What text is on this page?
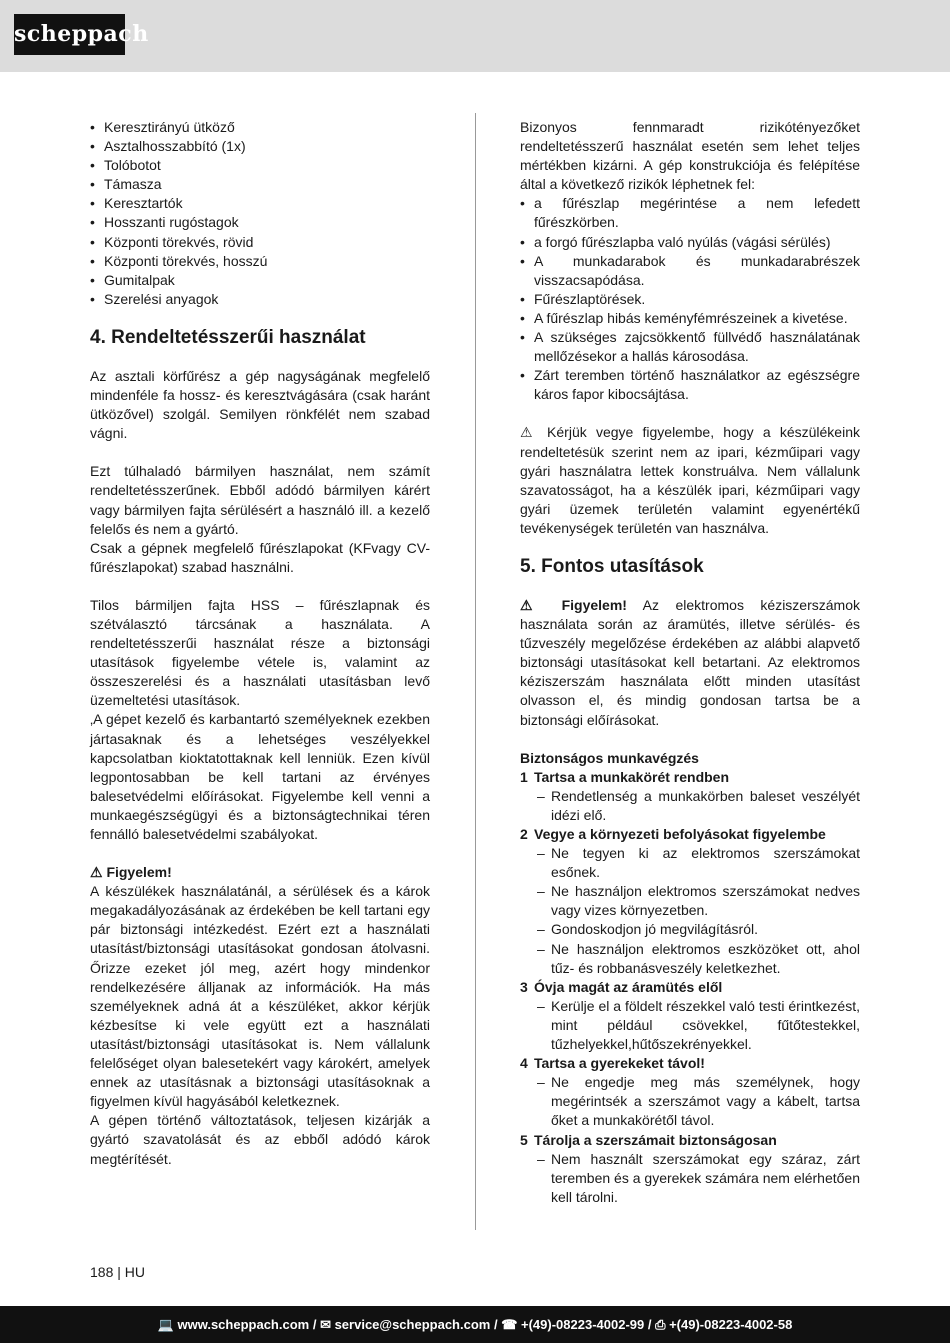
scheppach

• Keresztirányú ütköző

• Asztalhosszabbító (1x)

• Tolóbotot

• Támasza

• Keresztartók

• Hosszanti rugóstagok

• Központi törekvés, rövid

• Központi törekvés, hosszú

• Gumitalpak

• Szerelési anyagok

4. Rendeltetésszerűi használat

Az asztali körfűrész a gép nagyságának megfelelő mindenféle fa hossz- és keresztvágására (csak haránt ütközővel) szolgál. Semilyen rönkfélét nem szabad vágni.

Ezt túlhaladó bármilyen használat, nem számít rendeltetésszerűnek. Ebből adódó bármilyen kárért vagy bármilyen fajta sérülésért a használó ill. a kezelő felelős és nem a gyártó.

Csak a gépnek megfelelő fűrészlapokat (KFvagy CV-fűrészlapokat) szabad használni.

Tilos bármiljen fajta HSS – fűrészlapnak és szétválasztó tárcsának a használata. A rendeltetésszerűi használat része a biztonsági utasítások figyelembe vétele is, valamint az összeszerelési és a használati utasításban levő üzemeltetési utasítások.

‚A gépet kezelő és karbantartó személyeknek ezekben jártasaknak és a lehetséges veszélyekkel kapcsolatban kioktatottaknak kell lenniük. Ezen kívül legpontosabban be kell tartani az érvényes balesetvédelmi előírásokat. Figyelembe kell venni a munkaegészségügyi és a biztonságtechnikai téren fennálló balesetvédelmi szabályokat.

⚠ Figyelem!

A készülékek használatánál, a sérülések és a károk megakadályozásának az érdekében be kell tartani egy pár biztonsági intézkedést. Ezért ezt a használati utasítást/biztonsági utasításokat gondosan átolvasni. Őrizze ezeket jól meg, azért hogy mindenkor rendelkezésére álljanak az információk. Ha más személyeknek adná át a készüléket, akkor kérjük kézbesítse ki vele együtt ezt a használati utasítást/biztonsági utasításokat is. Nem vállalunk felelőséget olyan balesetekért vagy károkért, amelyek ennek az utasításnak a biztonsági utasításoknak a figyelmen kívül hagyásából keletkeznek.

A gépen történő változtatások, teljesen kizárják a gyártó szavatolását és az ebből adódó károk megtérítését.

Bizonyos fennmaradt rizikótényezőket rendeltetésszerű használat esetén sem lehet teljes mértékben kizárni. A gép konstrukciója és felépítése által a következő rizikók léphetnek fel:

• a fűrészlap megérintése a nem lefedett fűrészkörben.

• a forgó fűrészlapba való nyúlás (vágási sérülés)

• A munkadarabok és munkadarabrészek visszacsapódása.

• Fűrészlaptörések.

• A fűrészlap hibás keményfémrészeinek a kivetése.

• A szükséges zajcsökkentő füllvédő használatának mellőzésekor a hallás károsodása.

• Zárt teremben történő használatkor az egészségre káros fapor kibocsájtása.

⚠ Kérjük vegye figyelembe, hogy a készülékeink rendeltetésük szerint nem az ipari, kézműipari vagy gyári használatra lettek konstruálva. Nem vállalunk szavatosságot, ha a készülék ipari, kézműipari vagy gyári üzemek területén valamint egyenértékű tevékenységek területén van használva.

5. Fontos utasítások

⚠ Figyelem! Az elektromos kéziszerszámok használata során az áramütés, illetve sérülés- és tűzveszély megelőzése érdekében az alábbi alapvető biztonsági utasításokat kell betartani. Az elektromos kéziszerszám használata előtt minden utasítást olvasson el, és mindig gondosan tartsa be a biztonsági előírásokat.

Biztonságos munkavégzés

1 Tartsa a munkakörét rendben

– Rendetlenség a munkakörben baleset veszélyét idézi elő.

2 Vegye a környezeti befolyásokat figyelembe

– Ne tegyen ki az elektromos szerszámokat esőnek.

– Ne használjon elektromos szerszámokat nedves vagy vizes környezetben.

– Gondoskodjon jó megvilágításról.

– Ne használjon elektromos eszközöket ott, ahol tűz- és robbanásveszély keletkezhet.

3 Óvja magát az áramütés elől

– Kerülje el a földelt részekkel való testi érintkezést, mint például csövekkel, fűtőtestekkel, tűzhelyekkel,hűtőszekrényekkel.

4 Tartsa a gyerekeket távol!

– Ne engedje meg más személynek, hogy megérintsék a szerszámot vagy a kábelt, tartsa őket a munkakörétől távol.

5 Tárolja a szerszámait biztonságosan

– Nem használt szerszámokat egy száraz, zárt teremben és a gyerekek számára nem elérhetően kell tárolni.

188 | HU
💻 www.scheppach.com / ✉ service@scheppach.com / ☎ +(49)-08223-4002-99 / ⎙ +(49)-08223-4002-58
